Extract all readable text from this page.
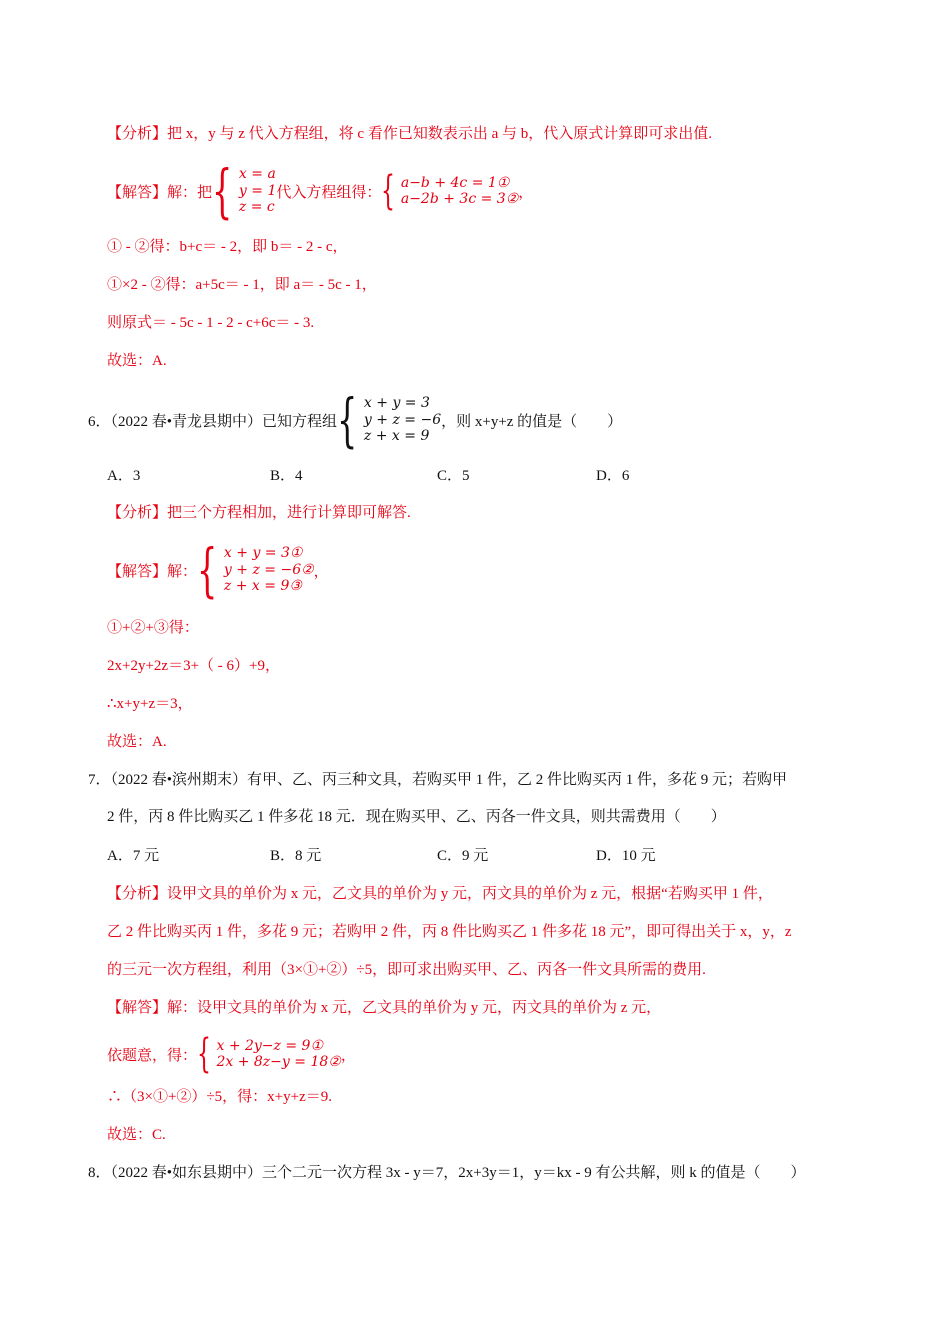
【分析】把 x，y 与 z 代入方程组，将 c 看作已知数表示出 a 与 b，代入原式计算即可求出值.
【解答】解：把 { x = a
y = 1
z = c
代入方程组得： { a−b + 4c = 1①
a−2b + 3c = 3② ，
① - ②得：b+c＝ - 2，即 b＝ - 2 - c，
①×2 - ②得：a+5c＝ - 1，即 a＝ - 5c - 1，
则原式＝ - 5c - 1 - 2 - c+6c＝ - 3.
故选：A.
6．（2022 春•青龙县期中）已知方程组 { x + y = 3
y + z = −6
z + x = 9
，则 x+y+z 的值是（　　）
A．3	B．4	C．5	D．6
【分析】把三个方程相加，进行计算即可解答.
【解答】解： { x + y = 3①
y + z = −6②
z + x = 9③
，
①+②+③得：
2x+2y+2z＝3+（ - 6）+9，
∴x+y+z＝3，
故选：A.
7．（2022 春•滨州期末）有甲、乙、丙三种文具，若购买甲 1 件，乙 2 件比购买丙 1 件，多花 9 元；若购甲
2 件，丙 8 件比购买乙 1 件多花 18 元．现在购买甲、乙、丙各一件文具，则共需费用（　　）
A．7 元	B．8 元	C．9 元	D．10 元
【分析】设甲文具的单价为 x 元，乙文具的单价为 y 元，丙文具的单价为 z 元，根据“若购买甲 1 件，
乙 2 件比购买丙 1 件，多花 9 元；若购甲 2 件，丙 8 件比购买乙 1 件多花 18 元”，即可得出关于 x，y，z
的三元一次方程组，利用（3×①+②）÷5，即可求出购买甲、乙、丙各一件文具所需的费用.
【解答】解：设甲文具的单价为 x 元，乙文具的单价为 y 元，丙文具的单价为 z 元，
依题意，得： { x + 2y−z = 9①
2x + 8z−y = 18② ，
∴（3×①+②）÷5，得：x+y+z＝9.
故选：C.
8．（2022 春•如东县期中）三个二元一次方程 3x - y＝7，2x+3y＝1，y＝kx - 9 有公共解，则 k 的值是（　　）
